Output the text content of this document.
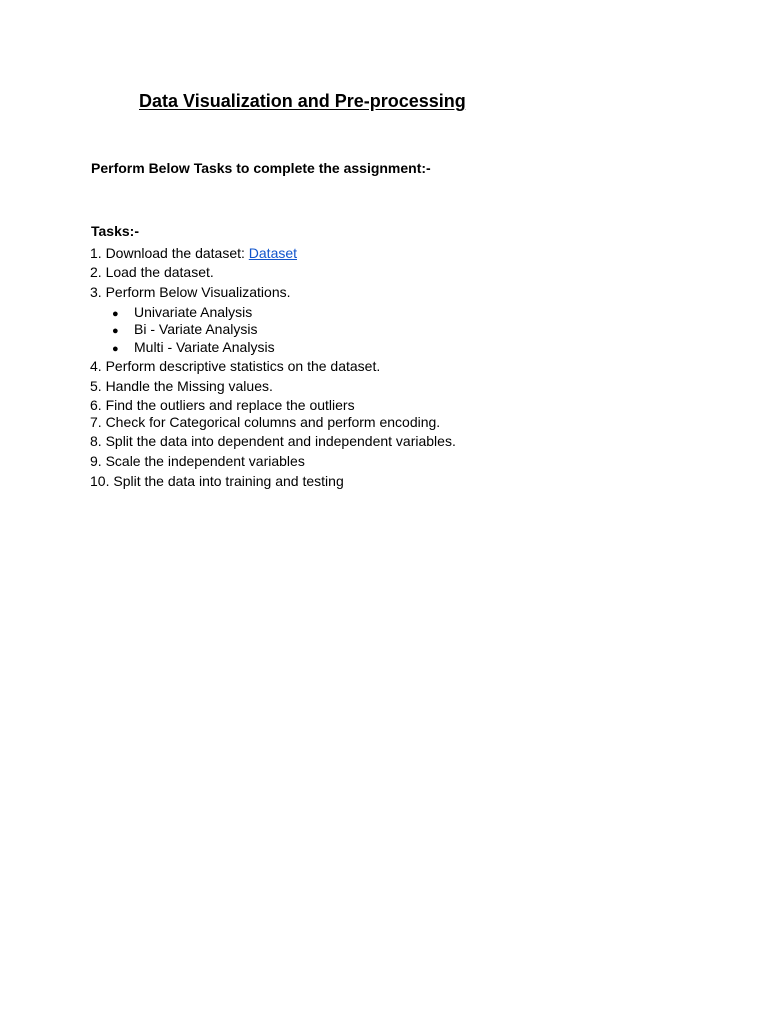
Data Visualization and Pre-processing

Perform Below Tasks to complete the assignment:-

Tasks:-

1. Download the dataset: Dataset
2. Load the dataset.
3. Perform Below Visualizations.
● Univariate Analysis
● Bi - Variate Analysis
● Multi - Variate Analysis
4. Perform descriptive statistics on the dataset.
5. Handle the Missing values.
6. Find the outliers and replace the outliers
7. Check for Categorical columns and perform encoding.
8. Split the data into dependent and independent variables.
9. Scale the independent variables
10. Split the data into training and testing
